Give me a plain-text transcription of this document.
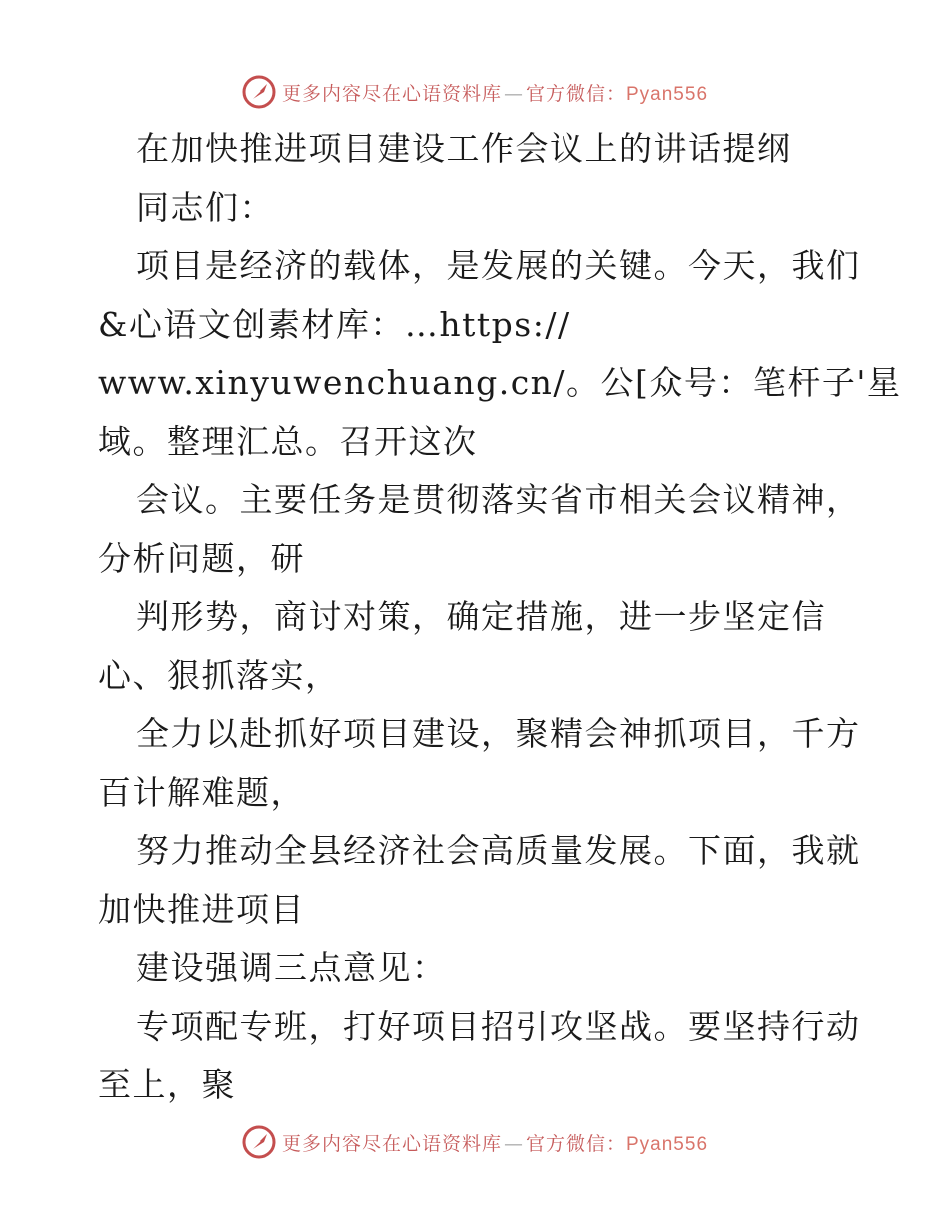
更多内容尽在心语资料库 — 官方微信：Pyan556
在加快推进项目建设工作会议上的讲话提纲
同志们：
项目是经济的载体，是发展的关键。今天，我们
&心语文创素材库：…https://
www.xinyuwenchuang.cn/。公[众号：笔杆子'星
域。整理汇总。召开这次
会议。主要任务是贯彻落实省市相关会议精神，
分析问题，研
判形势，商讨对策，确定措施，进一步坚定信
心、狠抓落实，
全力以赴抓好项目建设，聚精会神抓项目，千方
百计解难题，
努力推动全县经济社会高质量发展。下面，我就
加快推进项目
建设强调三点意见：
专项配专班，打好项目招引攻坚战。要坚持行动
至上，聚
更多内容尽在心语资料库 — 官方微信：Pyan556
